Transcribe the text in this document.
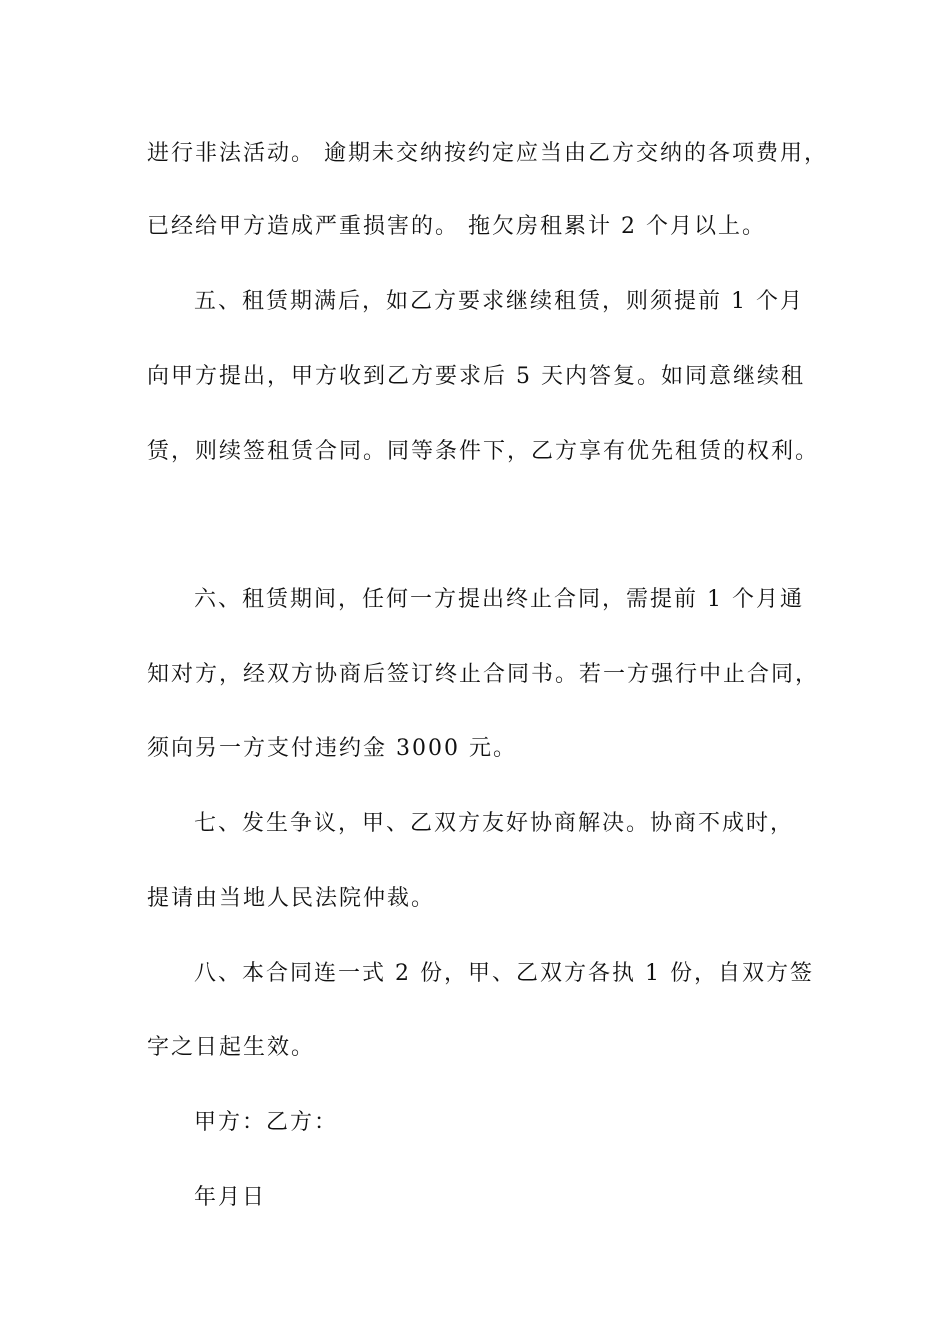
进行非法活动。 逾期未交纳按约定应当由乙方交纳的各项费用，
已经给甲方造成严重损害的。 拖欠房租累计 2 个月以上。
五、租赁期满后，如乙方要求继续租赁，则须提前 1 个月
向甲方提出，甲方收到乙方要求后 5 天内答复。如同意继续租
赁，则续签租赁合同。同等条件下，乙方享有优先租赁的权利。
六、租赁期间，任何一方提出终止合同，需提前 1 个月通
知对方，经双方协商后签订终止合同书。若一方强行中止合同，
须向另一方支付违约金 3000 元。
七、发生争议，甲、乙双方友好协商解决。协商不成时，
提请由当地人民法院仲裁。
八、本合同连一式 2 份，甲、乙双方各执 1 份，自双方签
字之日起生效。
甲方：乙方：
年月日
